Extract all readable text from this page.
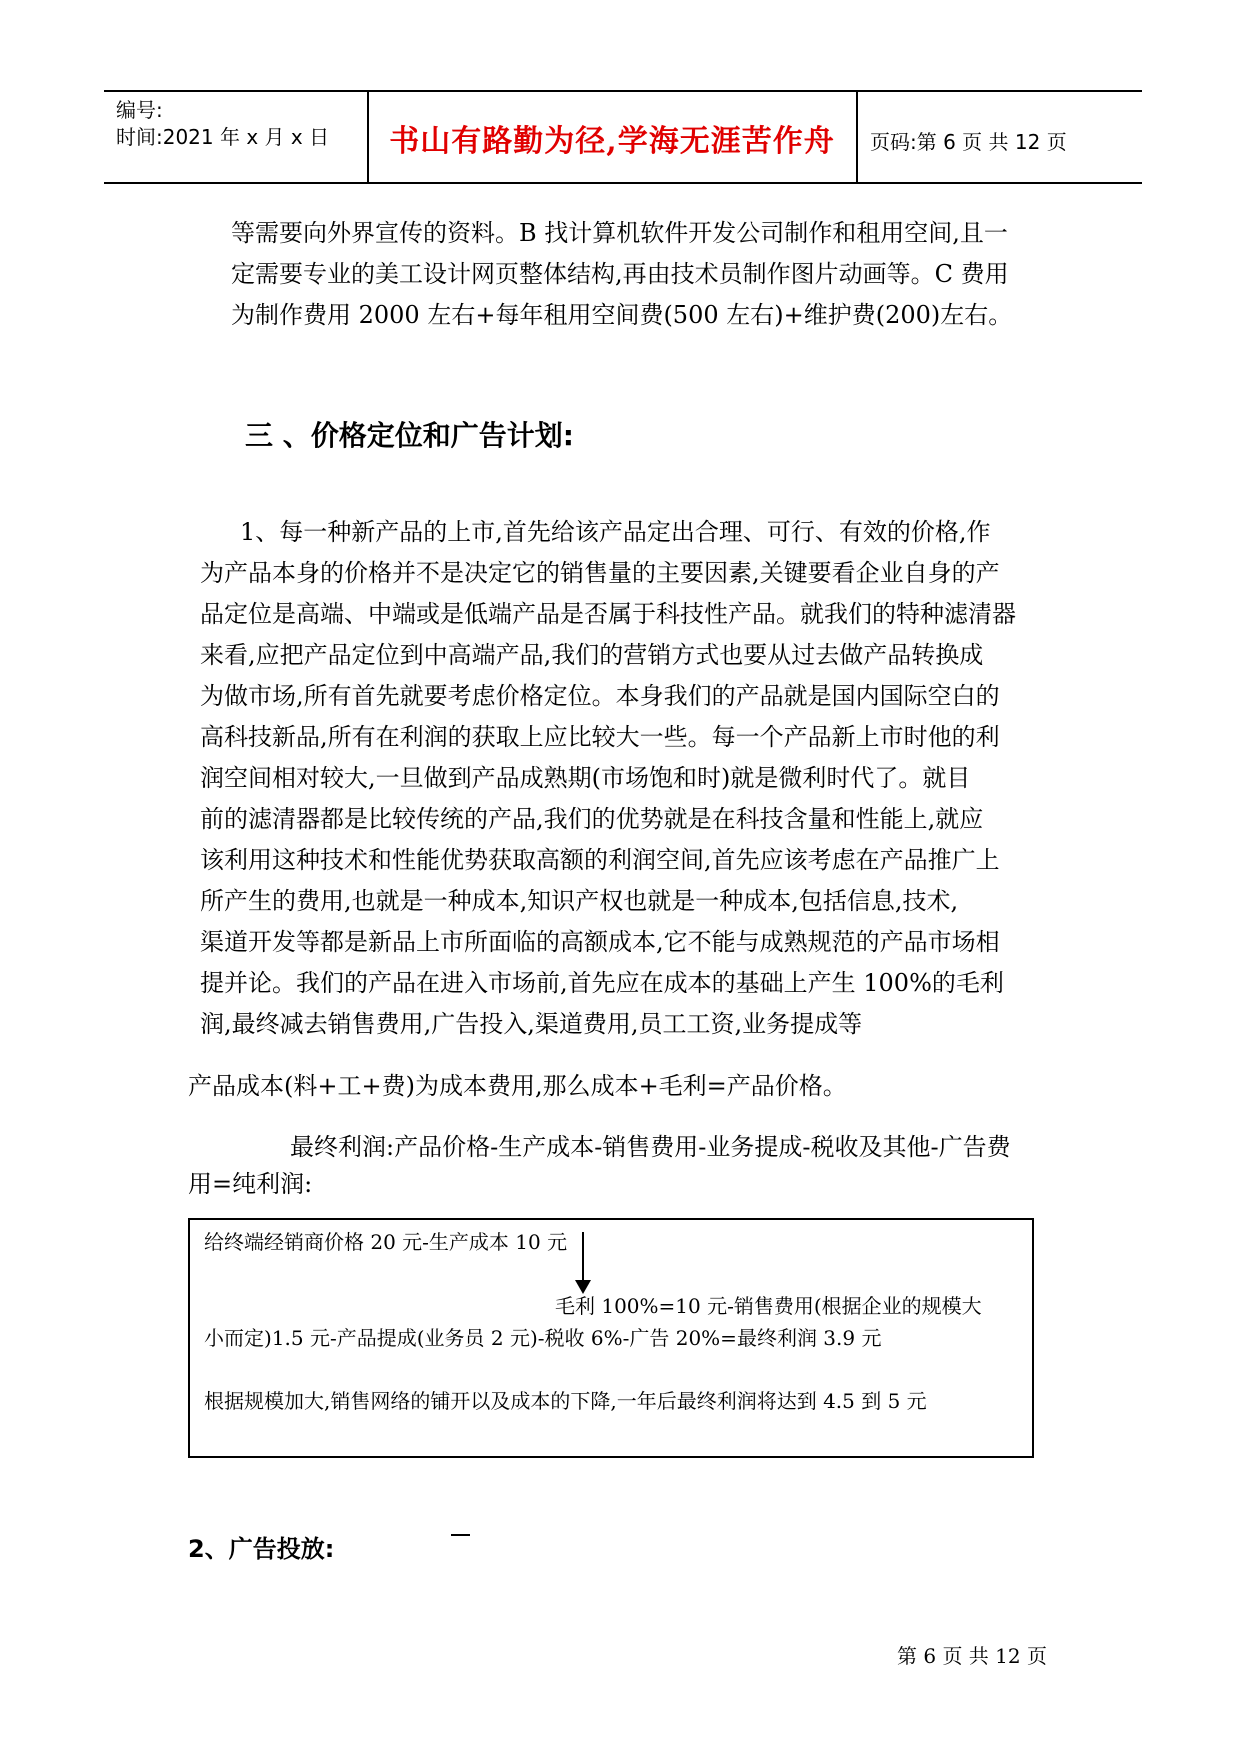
编号:
时间:2021 年 x 月 x 日	书山有路勤为径,学海无涯苦作舟	页码:第 6 页 共 12 页
等需要向外界宣传的资料。B 找计算机软件开发公司制作和租用空间,且一
定需要专业的美工设计网页整体结构,再由技术员制作图片动画等。C 费用
为制作费用 2000 左右+每年租用空间费(500 左右)+维护费(200)左右。
三 、价格定位和广告计划:
1、每一种新产品的上市,首先给该产品定出合理、可行、有效的价格,作
为产品本身的价格并不是决定它的销售量的主要因素,关键要看企业自身的产
品定位是高端、中端或是低端产品是否属于科技性产品。就我们的特种滤清器
来看,应把产品定位到中高端产品,我们的营销方式也要从过去做产品转换成
为做市场,所有首先就要考虑价格定位。本身我们的产品就是国内国际空白的
高科技新品,所有在利润的获取上应比较大一些。每一个产品新上市时他的利
润空间相对较大,一旦做到产品成熟期(市场饱和时)就是微利时代了。就目
前的滤清器都是比较传统的产品,我们的优势就是在科技含量和性能上,就应
该利用这种技术和性能优势获取高额的利润空间,首先应该考虑在产品推广上
所产生的费用,也就是一种成本,知识产权也就是一种成本,包括信息,技术,
渠道开发等都是新品上市所面临的高额成本,它不能与成熟规范的产品市场相
提并论。我们的产品在进入市场前,首先应在成本的基础上产生 100%的毛利
润,最终减去销售费用,广告投入,渠道费用,员工工资,业务提成等
产品成本(料+工+费)为成本费用,那么成本+毛利=产品价格。
最终利润:产品价格-生产成本-销售费用-业务提成-税收及其他-广告费
用=纯利润:
给终端经销商价格 20 元-生产成本 10 元
毛利 100%=10 元-销售费用(根据企业的规模大
小而定)1.5 元-产品提成(业务员 2 元)-税收 6%-广告 20%=最终利润 3.9 元
根据规模加大,销售网络的铺开以及成本的下降,一年后最终利润将达到 4.5 到 5 元
2、广告投放:
第 6 页 共 12 页
